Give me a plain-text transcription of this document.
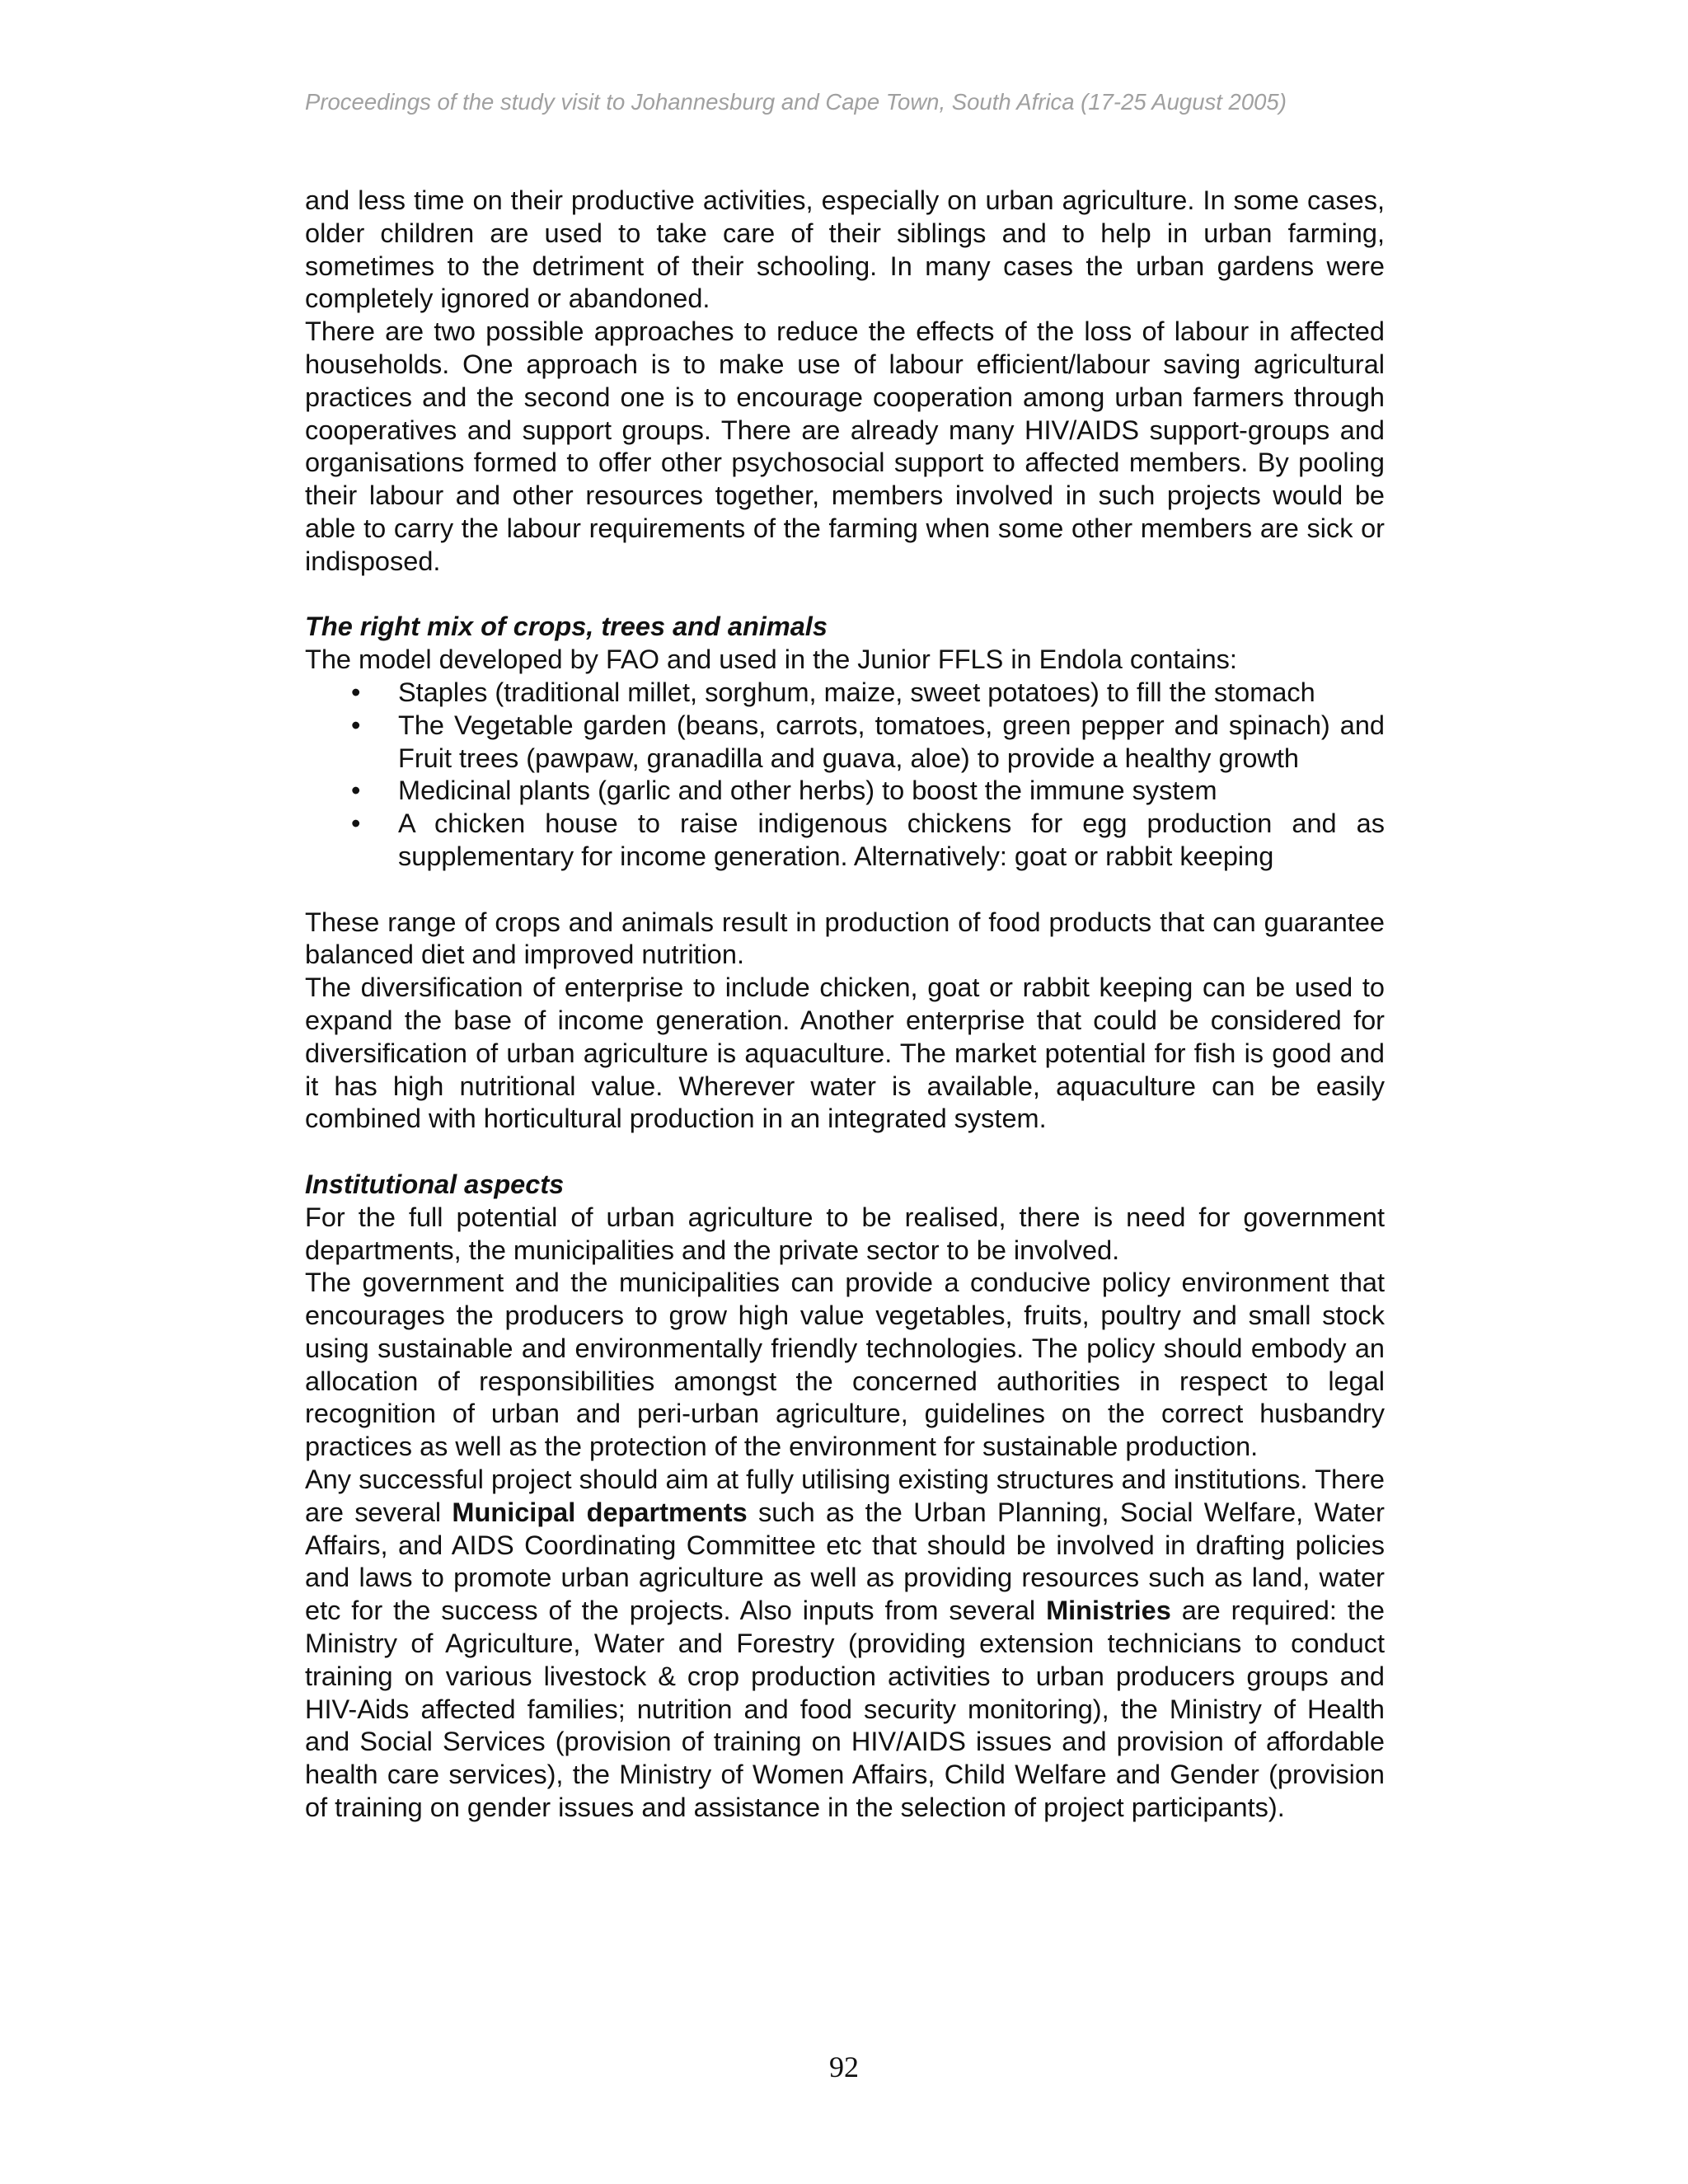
Proceedings of the study visit to Johannesburg and Cape Town, South Africa (17-25 August 2005)

and less time on their productive activities, especially on urban agriculture. In some cases, older children are used to take care of their siblings and to help in urban farming, sometimes to the detriment of their schooling. In many cases the urban gardens were completely ignored or abandoned.

There are two possible approaches to reduce the effects of the loss of labour in affected households. One approach is to make use of labour efficient/labour saving agricultural practices and the second one is to encourage cooperation among urban farmers through cooperatives and support groups. There are already many HIV/AIDS support-groups and organisations formed to offer other psychosocial support to affected members. By pooling their labour and other resources together, members involved in such projects would be able to carry the labour requirements of the farming when some other members are sick or indisposed.

The right mix of crops, trees and animals

The model developed by FAO and used in the Junior FFLS in Endola contains:

• Staples (traditional millet, sorghum, maize, sweet potatoes) to fill the stomach
• The Vegetable garden (beans, carrots, tomatoes, green pepper and spinach) and Fruit trees (pawpaw, granadilla and guava, aloe) to provide a healthy growth
• Medicinal plants (garlic and other herbs) to boost the immune system
• A chicken house to raise indigenous chickens for egg production and as supplementary for income generation. Alternatively: goat or rabbit keeping

These range of crops and animals result in production of food products that can guarantee balanced diet and improved nutrition.

The diversification of enterprise to include chicken, goat or rabbit keeping can be used to expand the base of income generation. Another enterprise that could be considered for diversification of urban agriculture is aquaculture. The market potential for fish is good and it has high nutritional value. Wherever water is available, aquaculture can be easily combined with horticultural production in an integrated system.

Institutional aspects

For the full potential of urban agriculture to be realised, there is need for government departments, the municipalities and the private sector to be involved.

The government and the municipalities can provide a conducive policy environment that encourages the producers to grow high value vegetables, fruits, poultry and small stock using sustainable and environmentally friendly technologies. The policy should embody an allocation of responsibilities amongst the concerned authorities in respect to legal recognition of urban and peri-urban agriculture, guidelines on the correct husbandry practices as well as the protection of the environment for sustainable production.

Any successful project should aim at fully utilising existing structures and institutions. There are several Municipal departments such as the Urban Planning, Social Welfare, Water Affairs, and AIDS Coordinating Committee etc that should be involved in drafting policies and laws to promote urban agriculture as well as providing resources such as land, water etc for the success of the projects. Also inputs from several Ministries are required: the Ministry of Agriculture, Water and Forestry (providing extension technicians to conduct training on various livestock & crop production activities to urban producers groups and HIV-Aids affected families; nutrition and food security monitoring), the Ministry of Health and Social Services (provision of training on HIV/AIDS issues and provision of affordable health care services), the Ministry of Women Affairs, Child Welfare and Gender (provision of training on gender issues and assistance in the selection of project participants).

92
